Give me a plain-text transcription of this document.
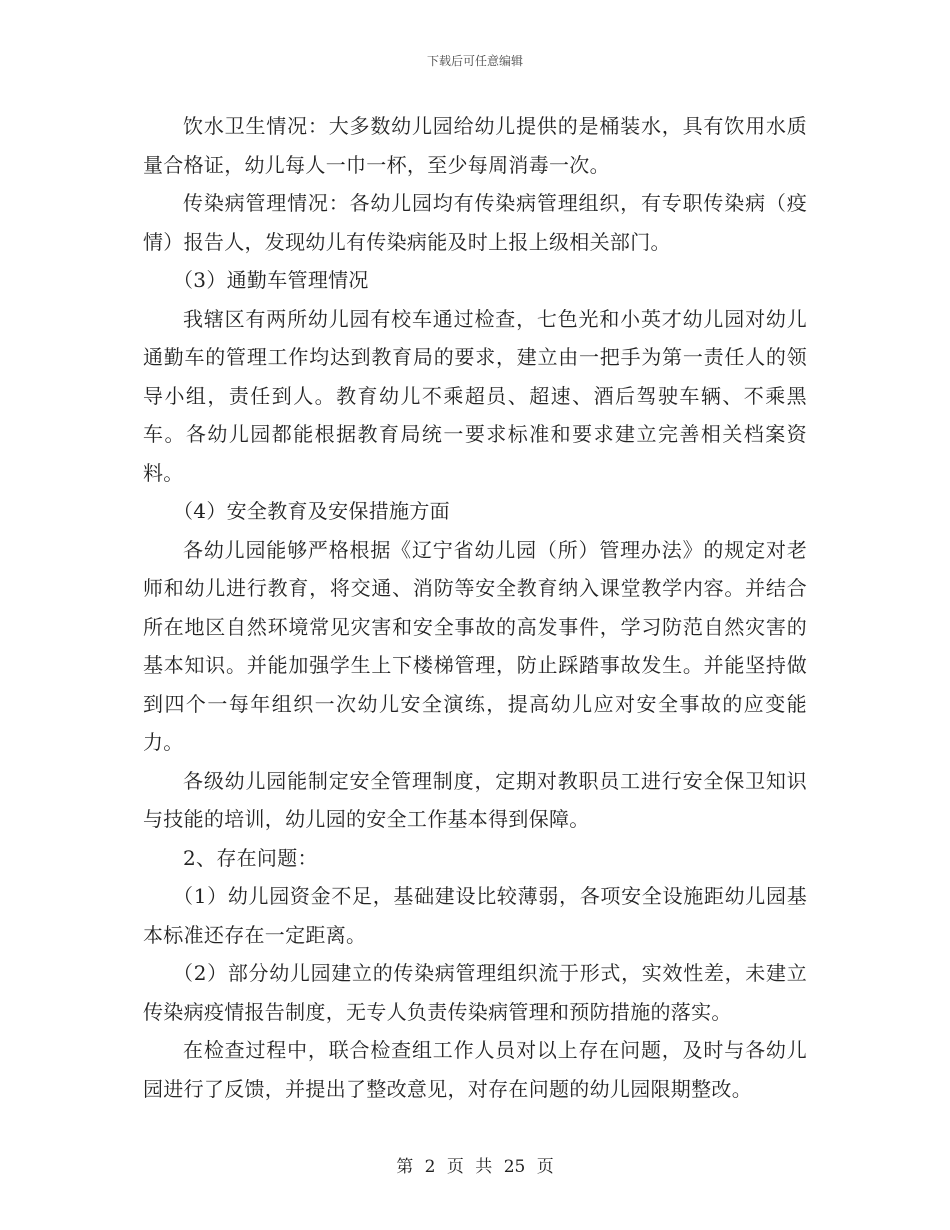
下载后可任意编辑

饮水卫生情况：大多数幼儿园给幼儿提供的是桶装水，具有饮用水质量合格证，幼儿每人一巾一杯，至少每周消毒一次。

传染病管理情况：各幼儿园均有传染病管理组织，有专职传染病（疫情）报告人，发现幼儿有传染病能及时上报上级相关部门。

（3）通勤车管理情况

我辖区有两所幼儿园有校车通过检查，七色光和小英才幼儿园对幼儿通勤车的管理工作均达到教育局的要求，建立由一把手为第一责任人的领导小组，责任到人。教育幼儿不乘超员、超速、酒后驾驶车辆、不乘黑车。各幼儿园都能根据教育局统一要求标准和要求建立完善相关档案资料。

（4）安全教育及安保措施方面

各幼儿园能够严格根据《辽宁省幼儿园（所）管理办法》的规定对老师和幼儿进行教育，将交通、消防等安全教育纳入课堂教学内容。并结合所在地区自然环境常见灾害和安全事故的高发事件，学习防范自然灾害的基本知识。并能加强学生上下楼梯管理，防止踩踏事故发生。并能坚持做到四个一每年组织一次幼儿安全演练，提高幼儿应对安全事故的应变能力。

各级幼儿园能制定安全管理制度，定期对教职员工进行安全保卫知识与技能的培训，幼儿园的安全工作基本得到保障。

2、存在问题：

（1）幼儿园资金不足，基础建设比较薄弱，各项安全设施距幼儿园基本标准还存在一定距离。

（2）部分幼儿园建立的传染病管理组织流于形式，实效性差，未建立传染病疫情报告制度，无专人负责传染病管理和预防措施的落实。

在检查过程中，联合检查组工作人员对以上存在问题，及时与各幼儿园进行了反馈，并提出了整改意见，对存在问题的幼儿园限期整改。

第 2 页 共 25 页
